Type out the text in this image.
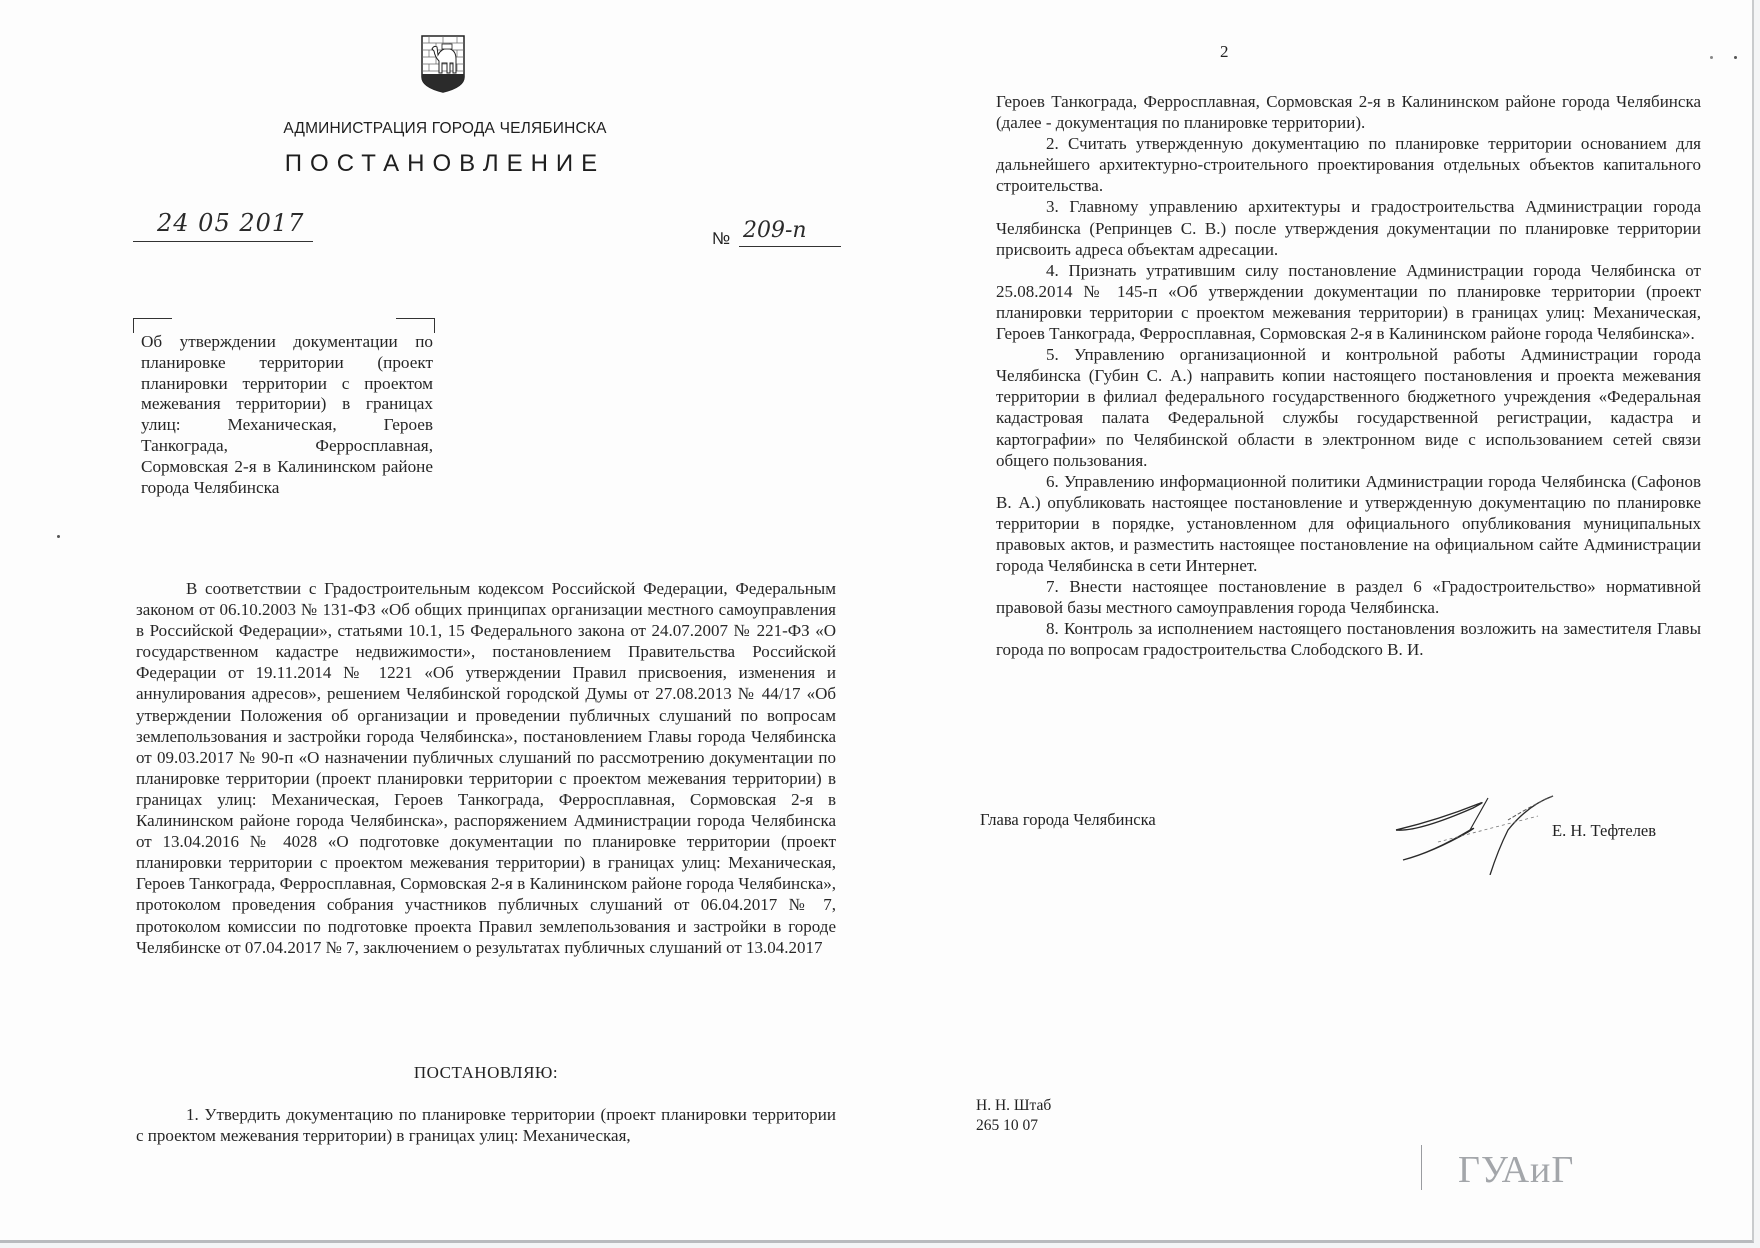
АДМИНИСТРАЦИЯ ГОРОДА ЧЕЛЯБИНСКА
ПОСТАНОВЛЕНИЕ
24 05 2017
№ 209-п
Об утверждении документации по планировке территории (проект планировки территории с проектом межевания территории) в границах улиц: Механическая, Героев Танкограда, Ферросплавная, Сормовская 2-я в Калининском районе города Челябинска
В соответствии с Градостроительным кодексом Российской Федерации, Федеральным законом от 06.10.2003 № 131-ФЗ «Об общих принципах организации местного самоуправления в Российской Федерации», статьями 10.1, 15 Федерального закона от 24.07.2007 № 221-ФЗ «О государственном кадастре недвижимости», постановлением Правительства Российской Федерации от 19.11.2014 № 1221 «Об утверждении Правил присвоения, изменения и аннулирования адресов», решением Челябинской городской Думы от 27.08.2013 № 44/17 «Об утверждении Положения об организации и проведении публичных слушаний по вопросам землепользования и застройки города Челябинска», постановлением Главы города Челябинска от 09.03.2017 № 90-п «О назначении публичных слушаний по рассмотрению документации по планировке территории (проект планировки территории с проектом межевания территории) в границах улиц: Механическая, Героев Танкограда, Ферросплавная, Сормовская 2-я в Калининском районе города Челябинска», распоряжением Администрации города Челябинска от 13.04.2016 № 4028 «О подготовке документации по планировке территории (проект планировки территории с проектом межевания территории) в границах улиц: Механическая, Героев Танкограда, Ферросплавная, Сормовская 2-я в Калининском районе города Челябинска», протоколом проведения собрания участников публичных слушаний от 06.04.2017 № 7, протоколом комиссии по подготовке проекта Правил землепользования и застройки в городе Челябинске от 07.04.2017 № 7, заключением о результатах публичных слушаний от 13.04.2017
ПОСТАНОВЛЯЮ:
1. Утвердить документацию по планировке территории (проект планировки территории с проектом межевания территории) в границах улиц: Механическая,
2

Героев Танкограда, Ферросплавная, Сормовская 2-я в Калининском районе города Челябинска (далее - документация по планировке территории).

2. Считать утвержденную документацию по планировке территории основанием для дальнейшего архитектурно-строительного проектирования отдельных объектов капитального строительства.

3. Главному управлению архитектуры и градостроительства Администрации города Челябинска (Репринцев С. В.) после утверждения документации по планировке территории присвоить адреса объектам адресации.

4. Признать утратившим силу постановление Администрации города Челябинска от 25.08.2014 № 145-п «Об утверждении документации по планировке территории (проект планировки территории с проектом межевания территории) в границах улиц: Механическая, Героев Танкограда, Ферросплавная, Сормовская 2-я в Калининском районе города Челябинска».

5. Управлению организационной и контрольной работы Администрации города Челябинска (Губин С. А.) направить копии настоящего постановления и проекта межевания территории в филиал федерального государственного бюджетного учреждения «Федеральная кадастровая палата Федеральной службы государственной регистрации, кадастра и картографии» по Челябинской области в электронном виде с использованием сетей связи общего пользования.

6. Управлению информационной политики Администрации города Челябинска (Сафонов В. А.) опубликовать настоящее постановление и утвержденную документацию по планировке территории в порядке, установленном для официального опубликования муниципальных правовых актов, и разместить настоящее постановление на официальном сайте Администрации города Челябинска в сети Интернет.

7. Внести настоящее постановление в раздел 6 «Градостроительство» нормативной правовой базы местного самоуправления города Челябинска.

8. Контроль за исполнением настоящего постановления возложить на заместителя Главы города по вопросам градостроительства Слободского В. И.

Глава города Челябинска
Е. Н. Тефтелев
Н. Н. Штаб
265 10 07
ГУАиГ
